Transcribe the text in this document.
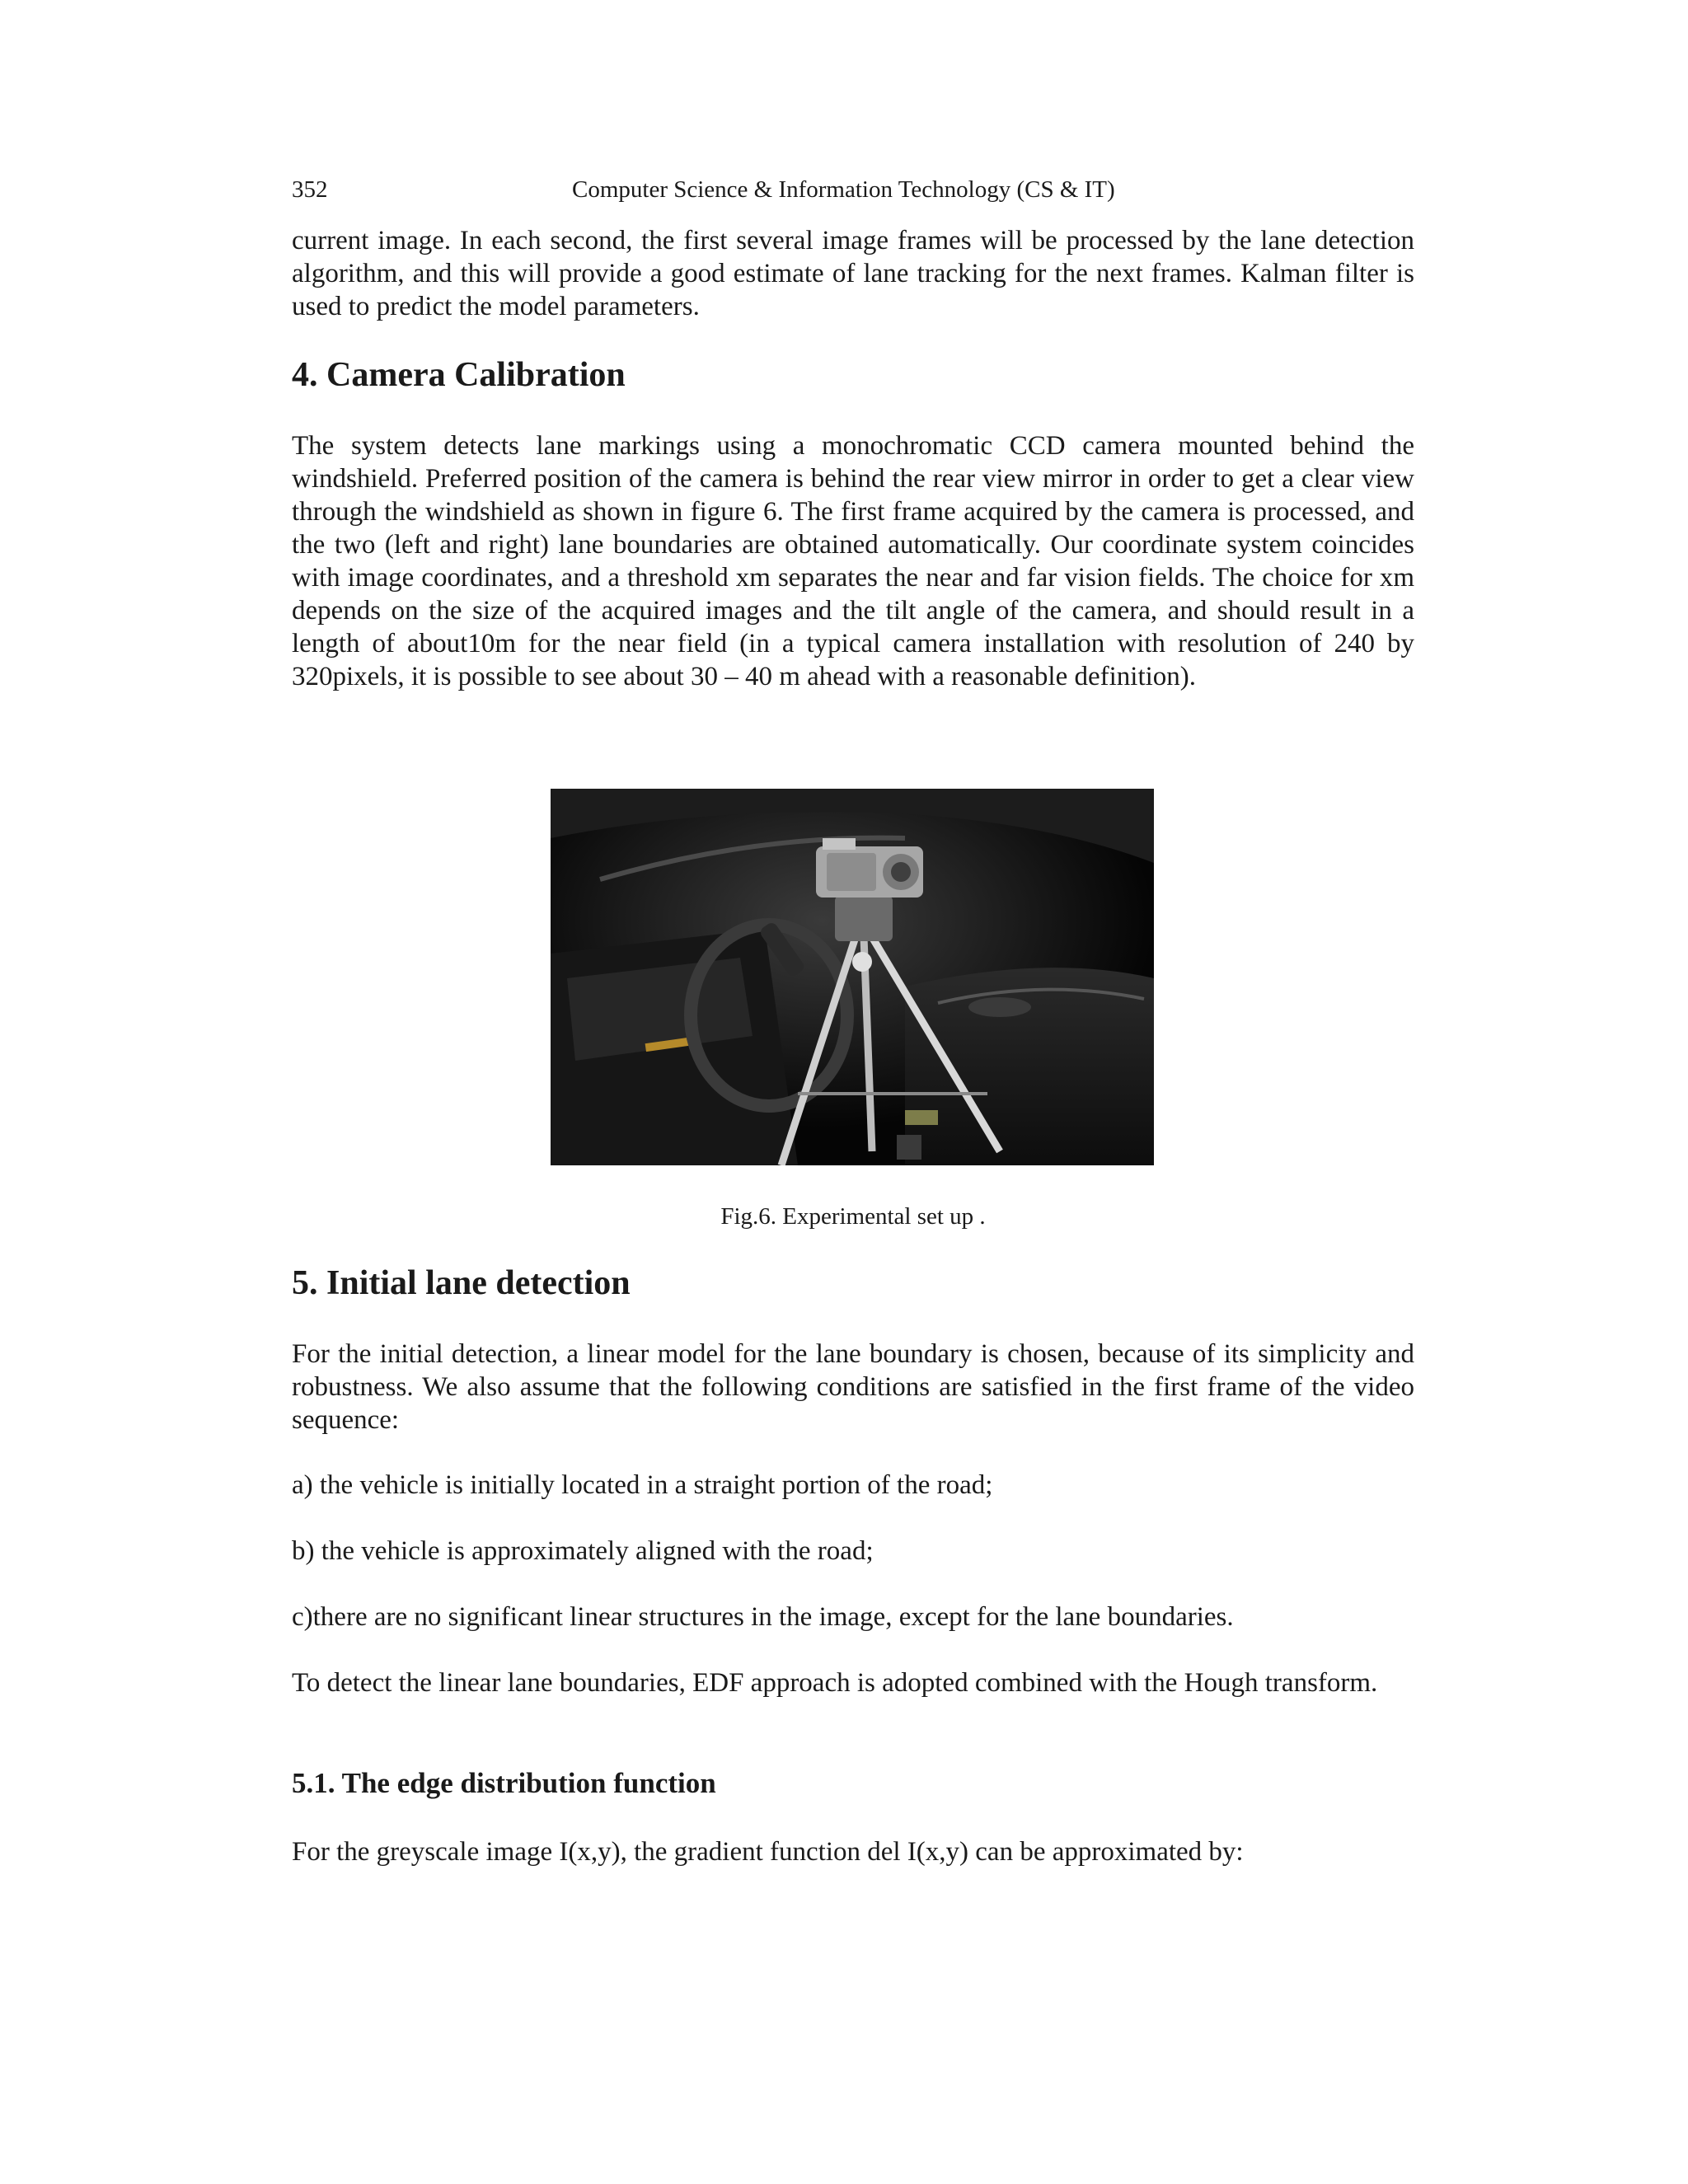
352	Computer Science & Information Technology (CS & IT)

current image. In each second, the first several image frames will be processed by the lane detection algorithm, and this will provide a good estimate of lane tracking for the next frames. Kalman filter is used to predict the model parameters.

4. Camera Calibration

The system detects lane markings using a monochromatic CCD camera mounted behind the windshield. Preferred position of the camera is behind the rear view mirror in order to get a clear view through the windshield as shown in figure 6. The first frame acquired by the camera is processed, and the two (left and right) lane boundaries are obtained automatically. Our coordinate system coincides with image coordinates, and a threshold xm separates the near and far vision fields. The choice for xm depends on the size of the acquired images and the tilt angle of the camera, and should result in a length of about10m for the near field (in a typical camera installation with resolution of 240 by 320pixels, it is possible to see about 30 – 40 m ahead with a reasonable definition).

Fig.6. Experimental set up .

5. Initial lane detection

For the initial detection, a linear model for the lane boundary is chosen, because of its simplicity and robustness. We also assume that the following conditions are satisfied in the first frame of the video sequence:

a) the vehicle is initially located in a straight portion of the road;

b) the vehicle is approximately aligned with the road;

c)there are no significant linear structures in the image, except for the lane boundaries.

To detect the linear lane boundaries, EDF approach is adopted combined with the Hough transform.

5.1. The edge distribution function

For the greyscale image I(x,y), the gradient function del I(x,y) can be approximated by:
